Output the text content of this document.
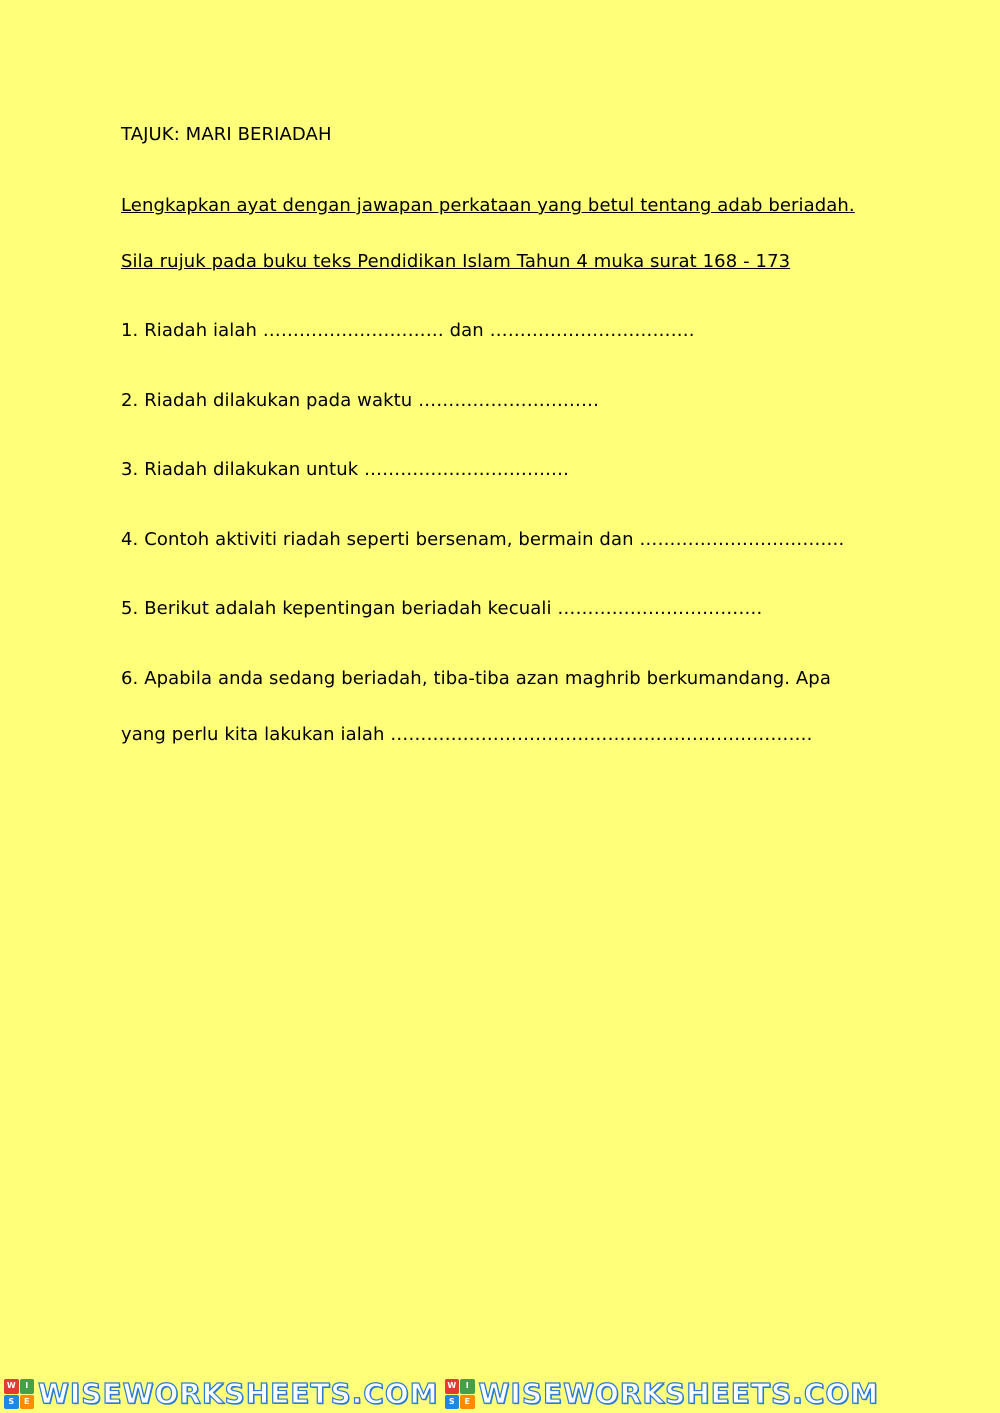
TAJUK: MARI BERIADAH
Lengkapkan ayat dengan jawapan perkataan yang betul tentang adab beriadah.
Sila rujuk pada buku teks Pendidikan Islam Tahun 4 muka surat 168 - 173
1. Riadah ialah ………………………… dan …………………………….
2. Riadah dilakukan pada waktu …………………………
3. Riadah dilakukan untuk …………………………….
4. Contoh aktiviti riadah seperti bersenam, bermain dan …………………………….
5. Berikut adalah kepentingan beriadah kecuali …………………………….
6. Apabila anda sedang beriadah, tiba-tiba azan maghrib berkumandang. Apa
yang perlu kita lakukan ialah …………………………………………………………….
W	I
S	E WISEWORKSHEETS.COM	W	I
S	E WISEWORKSHEETS.COM
